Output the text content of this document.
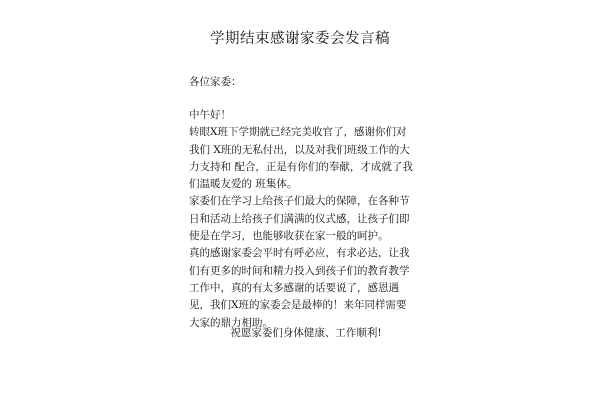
学期结束感谢家委会发言稿
各位家委：

中午好！

转眼X班下学期就已经完美收官了，感谢你们对我们 X班的无私付出，以及对我们班级工作的大力支持和 配合，正是有你们的奉献，才成就了我们温暖友爱的 班集体。

家委们在学习上给孩子们最大的保障，在各种节日和活动上给孩子们满满的仪式感，让孩子们即使是在学习，也能够收获在家一般的呵护。

真的感谢家委会平时有呼必应，有求必达，让我们有更多的时间和精力投入到孩子们的教育教学工作中，真的有太多感谢的话要说了，感恩遇见，我们X班的家委会是最棒的！来年同样需要大家的鼎力相助。

祝愿家委们身体健康、工作顺利!
